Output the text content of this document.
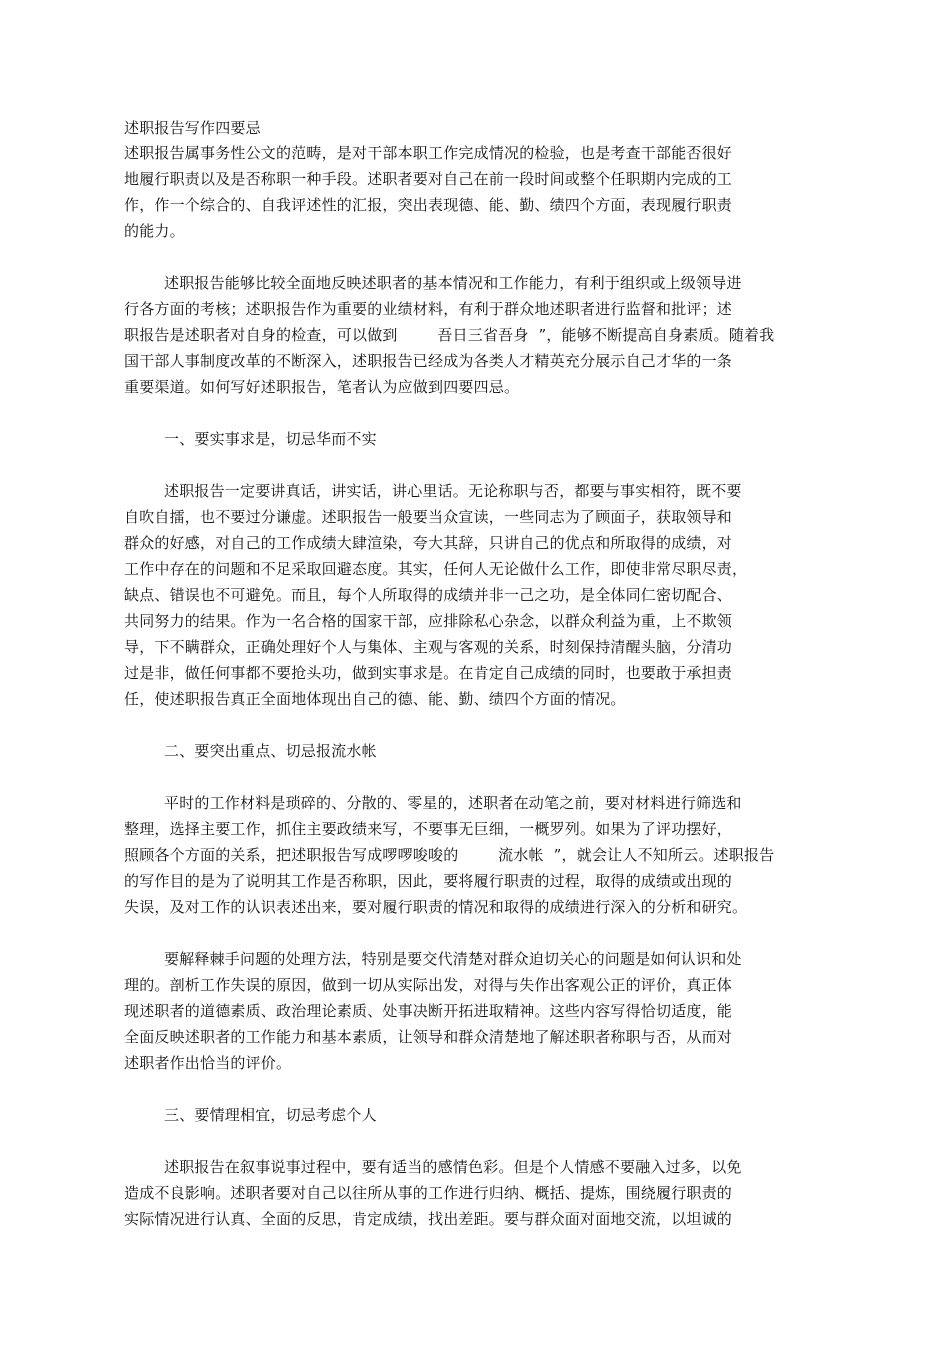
述职报告写作四要忌
述职报告属事务性公文的范畴，是对干部本职工作完成情况的检验，也是考查干部能否很好
地履行职责以及是否称职一种手段。述职者要对自己在前一段时间或整个任职期内完成的工
作，作一个综合的、自我评述性的汇报，突出表现德、能、勤、绩四个方面，表现履行职责
的能力。
述职报告能够比较全面地反映述职者的基本情况和工作能力，有利于组织或上级领导进
行各方面的考核；述职报告作为重要的业绩材料，有利于群众地述职者进行监督和批评；述
职报告是述职者对自身的检查，可以做到        吾日三省吾身  ”，能够不断提高自身素质。随着我
国干部人事制度改革的不断深入，述职报告已经成为各类人才精英充分展示自己才华的一条
重要渠道。如何写好述职报告，笔者认为应做到四要四忌。
一、要实事求是，切忌华而不实
述职报告一定要讲真话，讲实话，讲心里话。无论称职与否，都要与事实相符，既不要
自吹自擂，也不要过分谦虚。述职报告一般要当众宣读，一些同志为了顾面子，获取领导和
群众的好感，对自己的工作成绩大肆渲染，夸大其辞，只讲自己的优点和所取得的成绩，对
工作中存在的问题和不足采取回避态度。其实，任何人无论做什么工作，即使非常尽职尽责，
缺点、错误也不可避免。而且，每个人所取得的成绩并非一己之功，是全体同仁密切配合、
共同努力的结果。作为一名合格的国家干部，应排除私心杂念，以群众利益为重，上不欺领
导，下不瞒群众，正确处理好个人与集体、主观与客观的关系，时刻保持清醒头脑，分清功
过是非，做任何事都不要抢头功，做到实事求是。在肯定自己成绩的同时，也要敢于承担责
任，使述职报告真正全面地体现出自己的德、能、勤、绩四个方面的情况。
二、要突出重点、切忌报流水帐
平时的工作材料是琐碎的、分散的、零星的，述职者在动笔之前，要对材料进行筛选和
整理，选择主要工作，抓住主要政绩来写，不要事无巨细，一概罗列。如果为了评功摆好，
照顾各个方面的关系，把述职报告写成啰啰唆唆的        流水帐  ”，就会让人不知所云。述职报告
的写作目的是为了说明其工作是否称职，因此，要将履行职责的过程，取得的成绩或出现的
失误，及对工作的认识表述出来，要对履行职责的情况和取得的成绩进行深入的分析和研究。
要解释棘手问题的处理方法，特别是要交代清楚对群众迫切关心的问题是如何认识和处
理的。剖析工作失误的原因，做到一切从实际出发，对得与失作出客观公正的评价，真正体
现述职者的道德素质、政治理论素质、处事决断开拓进取精神。这些内容写得恰切适度，能
全面反映述职者的工作能力和基本素质，让领导和群众清楚地了解述职者称职与否，从而对
述职者作出恰当的评价。
三、要情理相宜，切忌考虑个人
述职报告在叙事说事过程中，要有适当的感情色彩。但是个人情感不要融入过多，以免
造成不良影响。述职者要对自己以往所从事的工作进行归纳、概括、提炼，围绕履行职责的
实际情况进行认真、全面的反思，肯定成绩，找出差距。要与群众面对面地交流，以坦诚的
